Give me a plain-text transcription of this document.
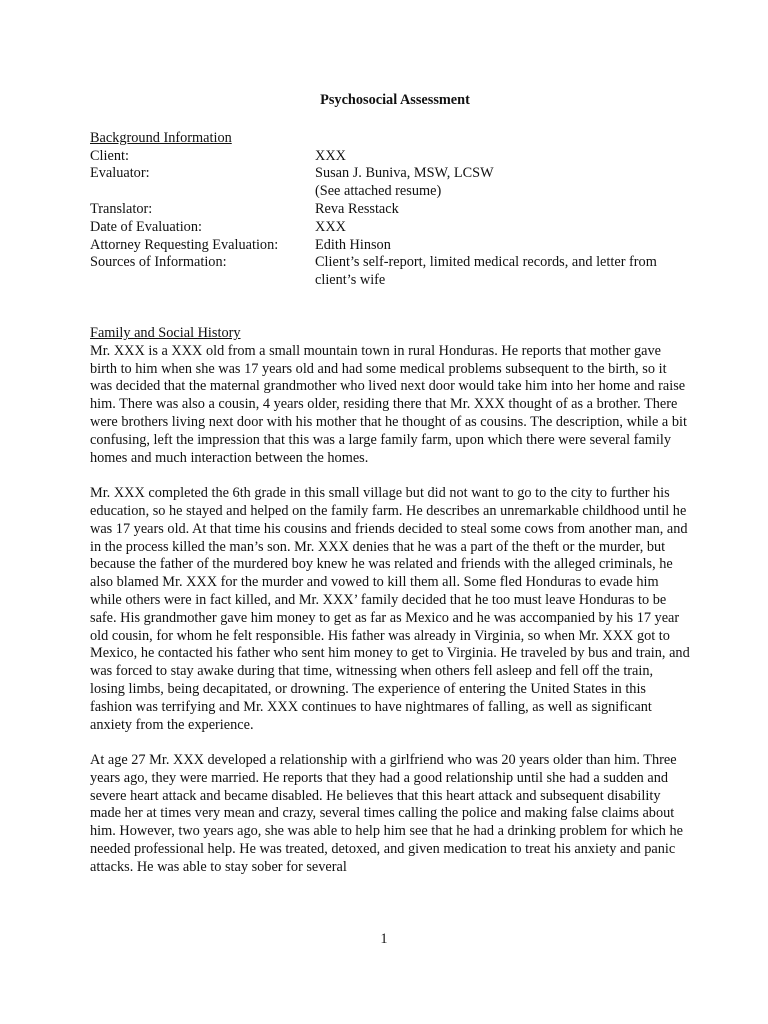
Psychosocial Assessment
Background Information
Client:	XXX
Evaluator:	Susan J. Buniva, MSW, LCSW
	(See attached resume)
Translator:	Reva Resstack
Date of Evaluation:	XXX
Attorney Requesting Evaluation:	Edith Hinson
Sources of Information:	Client’s self-report, limited medical records, and letter from client’s wife
Family and Social History

Mr. XXX is a XXX old from a small mountain town in rural Honduras. He reports that mother gave birth to him when she was 17 years old and had some medical problems subsequent to the birth, so it was decided that the maternal grandmother who lived next door would take him into her home and raise him. There was also a cousin, 4 years older, residing there that Mr. XXX thought of as a brother. There were brothers living next door with his mother that he thought of as cousins. The description, while a bit confusing, left the impression that this was a large family farm, upon which there were several family homes and much interaction between the homes.

Mr. XXX completed the 6th grade in this small village but did not want to go to the city to further his education, so he stayed and helped on the family farm. He describes an unremarkable childhood until he was 17 years old. At that time his cousins and friends decided to steal some cows from another man, and in the process killed the man’s son. Mr. XXX denies that he was a part of the theft or the murder, but because the father of the murdered boy knew he was related and friends with the alleged criminals, he also blamed Mr. XXX for the murder and vowed to kill them all. Some fled Honduras to evade him while others were in fact killed, and Mr. XXX’ family decided that he too must leave Honduras to be safe. His grandmother gave him money to get as far as Mexico and he was accompanied by his 17 year old cousin, for whom he felt responsible. His father was already in Virginia, so when Mr. XXX got to Mexico, he contacted his father who sent him money to get to Virginia. He traveled by bus and train, and was forced to stay awake during that time, witnessing when others fell asleep and fell off the train, losing limbs, being decapitated, or drowning. The experience of entering the United States in this fashion was terrifying and Mr. XXX continues to have nightmares of falling, as well as significant anxiety from the experience.

At age 27 Mr. XXX developed a relationship with a girlfriend who was 20 years older than him. Three years ago, they were married. He reports that they had a good relationship until she had a sudden and severe heart attack and became disabled. He believes that this heart attack and subsequent disability made her at times very mean and crazy, several times calling the police and making false claims about him. However, two years ago, she was able to help him see that he had a drinking problem for which he needed professional help. He was treated, detoxed, and given medication to treat his anxiety and panic attacks. He was able to stay sober for several

1
